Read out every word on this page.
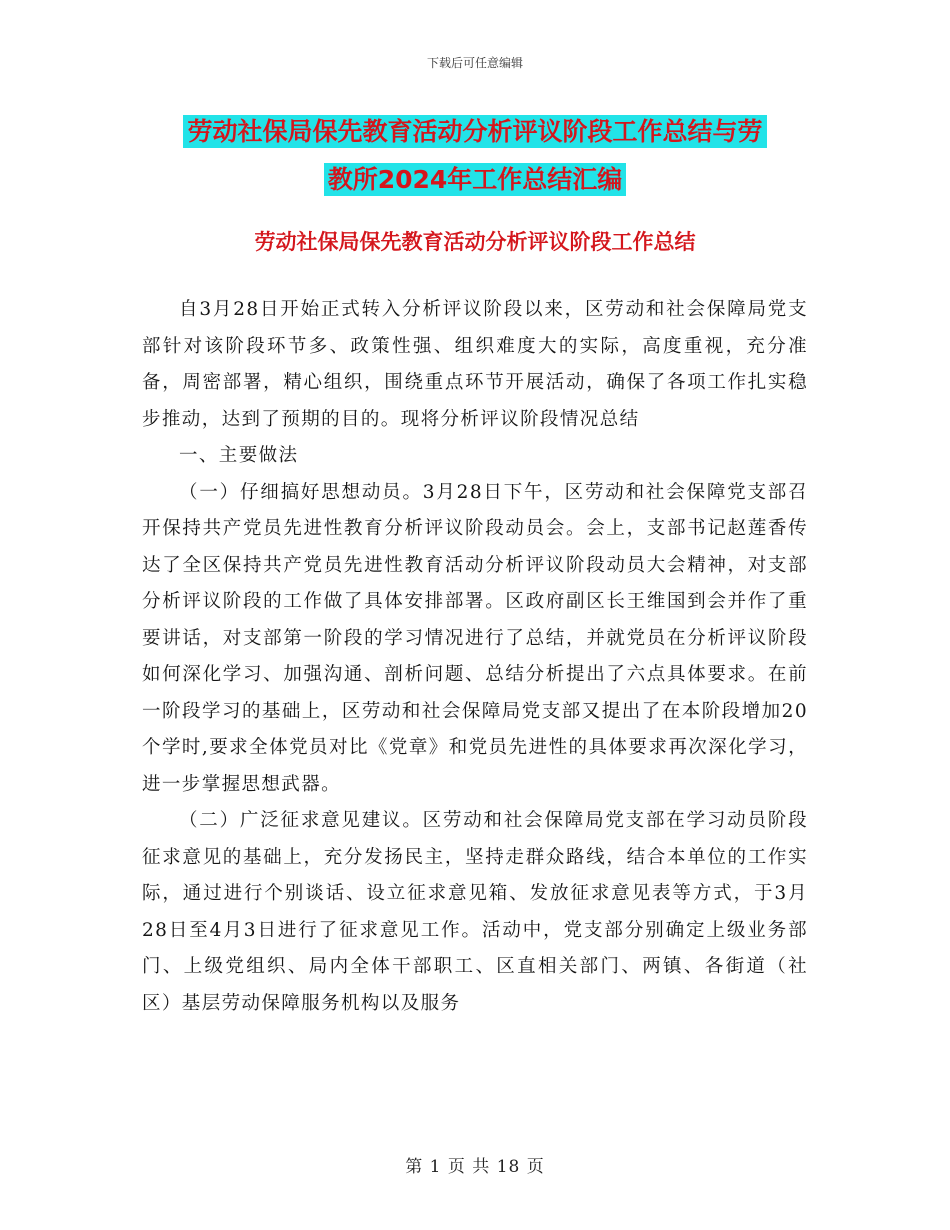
下载后可任意编辑
劳动社保局保先教育活动分析评议阶段工作总结与劳
教所2024年工作总结汇编
劳动社保局保先教育活动分析评议阶段工作总结

自3月28日开始正式转入分析评议阶段以来，区劳动和社会保障局党支部针对该阶段环节多、政策性强、组织难度大的实际，高度重视，充分准备，周密部署，精心组织，围绕重点环节开展活动，确保了各项工作扎实稳步推动，达到了预期的目的。现将分析评议阶段情况总结

一、主要做法

（一）仔细搞好思想动员。3月28日下午，区劳动和社会保障党支部召开保持共产党员先进性教育分析评议阶段动员会。会上，支部书记赵莲香传达了全区保持共产党员先进性教育活动分析评议阶段动员大会精神，对支部分析评议阶段的工作做了具体安排部署。区政府副区长王维国到会并作了重要讲话，对支部第一阶段的学习情况进行了总结，并就党员在分析评议阶段如何深化学习、加强沟通、剖析问题、总结分析提出了六点具体要求。在前一阶段学习的基础上，区劳动和社会保障局党支部又提出了在本阶段增加20个学时,要求全体党员对比《党章》和党员先进性的具体要求再次深化学习，进一步掌握思想武器。

（二）广泛征求意见建议。区劳动和社会保障局党支部在学习动员阶段征求意见的基础上，充分发扬民主，坚持走群众路线，结合本单位的工作实际，通过进行个别谈话、设立征求意见箱、发放征求意见表等方式，于3月28日至4月3日进行了征求意见工作。活动中，党支部分别确定上级业务部门、上级党组织、局内全体干部职工、区直相关部门、两镇、各街道（社区）基层劳动保障服务机构以及服务

第 1 页 共 18 页
